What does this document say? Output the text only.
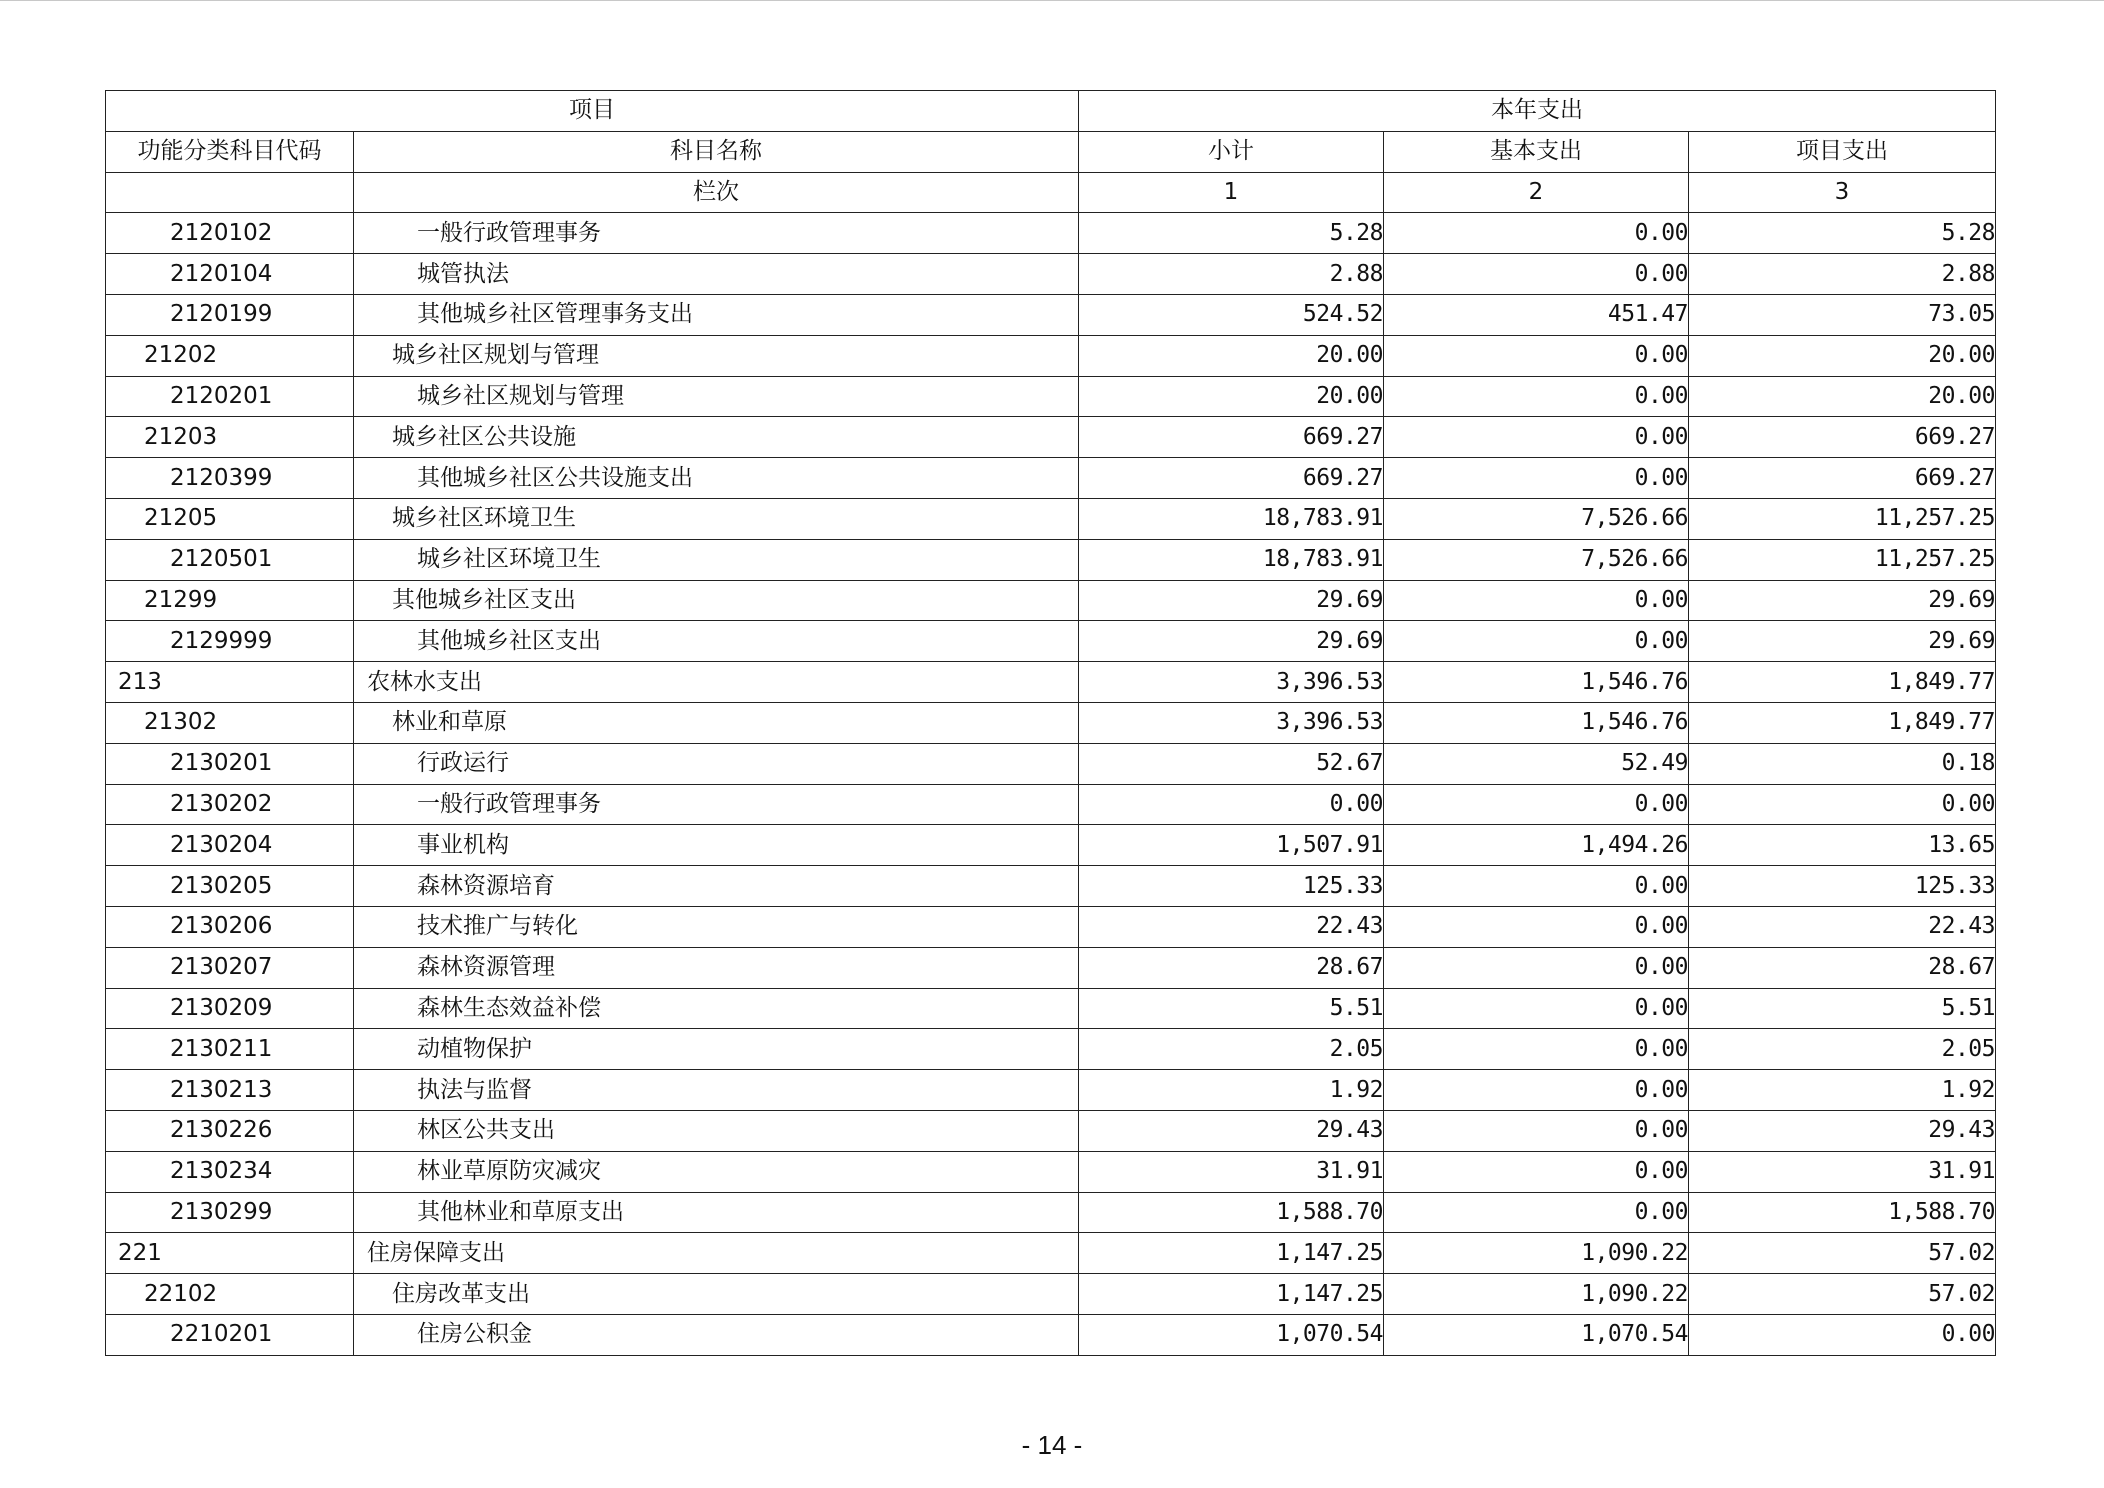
项目		本年支出		
功能分类科目代码	科目名称	小计	基本支出	项目支出
	栏次	1	2	3
2120102	一般行政管理事务	5.28	0.00	5.28
2120104	城管执法	2.88	0.00	2.88
2120199	其他城乡社区管理事务支出	524.52	451.47	73.05
21202	城乡社区规划与管理	20.00	0.00	20.00
2120201	城乡社区规划与管理	20.00	0.00	20.00
21203	城乡社区公共设施	669.27	0.00	669.27
2120399	其他城乡社区公共设施支出	669.27	0.00	669.27
21205	城乡社区环境卫生	18,783.91	7,526.66	11,257.25
2120501	城乡社区环境卫生	18,783.91	7,526.66	11,257.25
21299	其他城乡社区支出	29.69	0.00	29.69
2129999	其他城乡社区支出	29.69	0.00	29.69
213	农林水支出	3,396.53	1,546.76	1,849.77
21302	林业和草原	3,396.53	1,546.76	1,849.77
2130201	行政运行	52.67	52.49	0.18
2130202	一般行政管理事务	0.00	0.00	0.00
2130204	事业机构	1,507.91	1,494.26	13.65
2130205	森林资源培育	125.33	0.00	125.33
2130206	技术推广与转化	22.43	0.00	22.43
2130207	森林资源管理	28.67	0.00	28.67
2130209	森林生态效益补偿	5.51	0.00	5.51
2130211	动植物保护	2.05	0.00	2.05
2130213	执法与监督	1.92	0.00	1.92
2130226	林区公共支出	29.43	0.00	29.43
2130234	林业草原防灾减灾	31.91	0.00	31.91
2130299	其他林业和草原支出	1,588.70	0.00	1,588.70
221	住房保障支出	1,147.25	1,090.22	57.02
22102	住房改革支出	1,147.25	1,090.22	57.02
2210201	住房公积金	1,070.54	1,070.54	0.00
- 14 -
